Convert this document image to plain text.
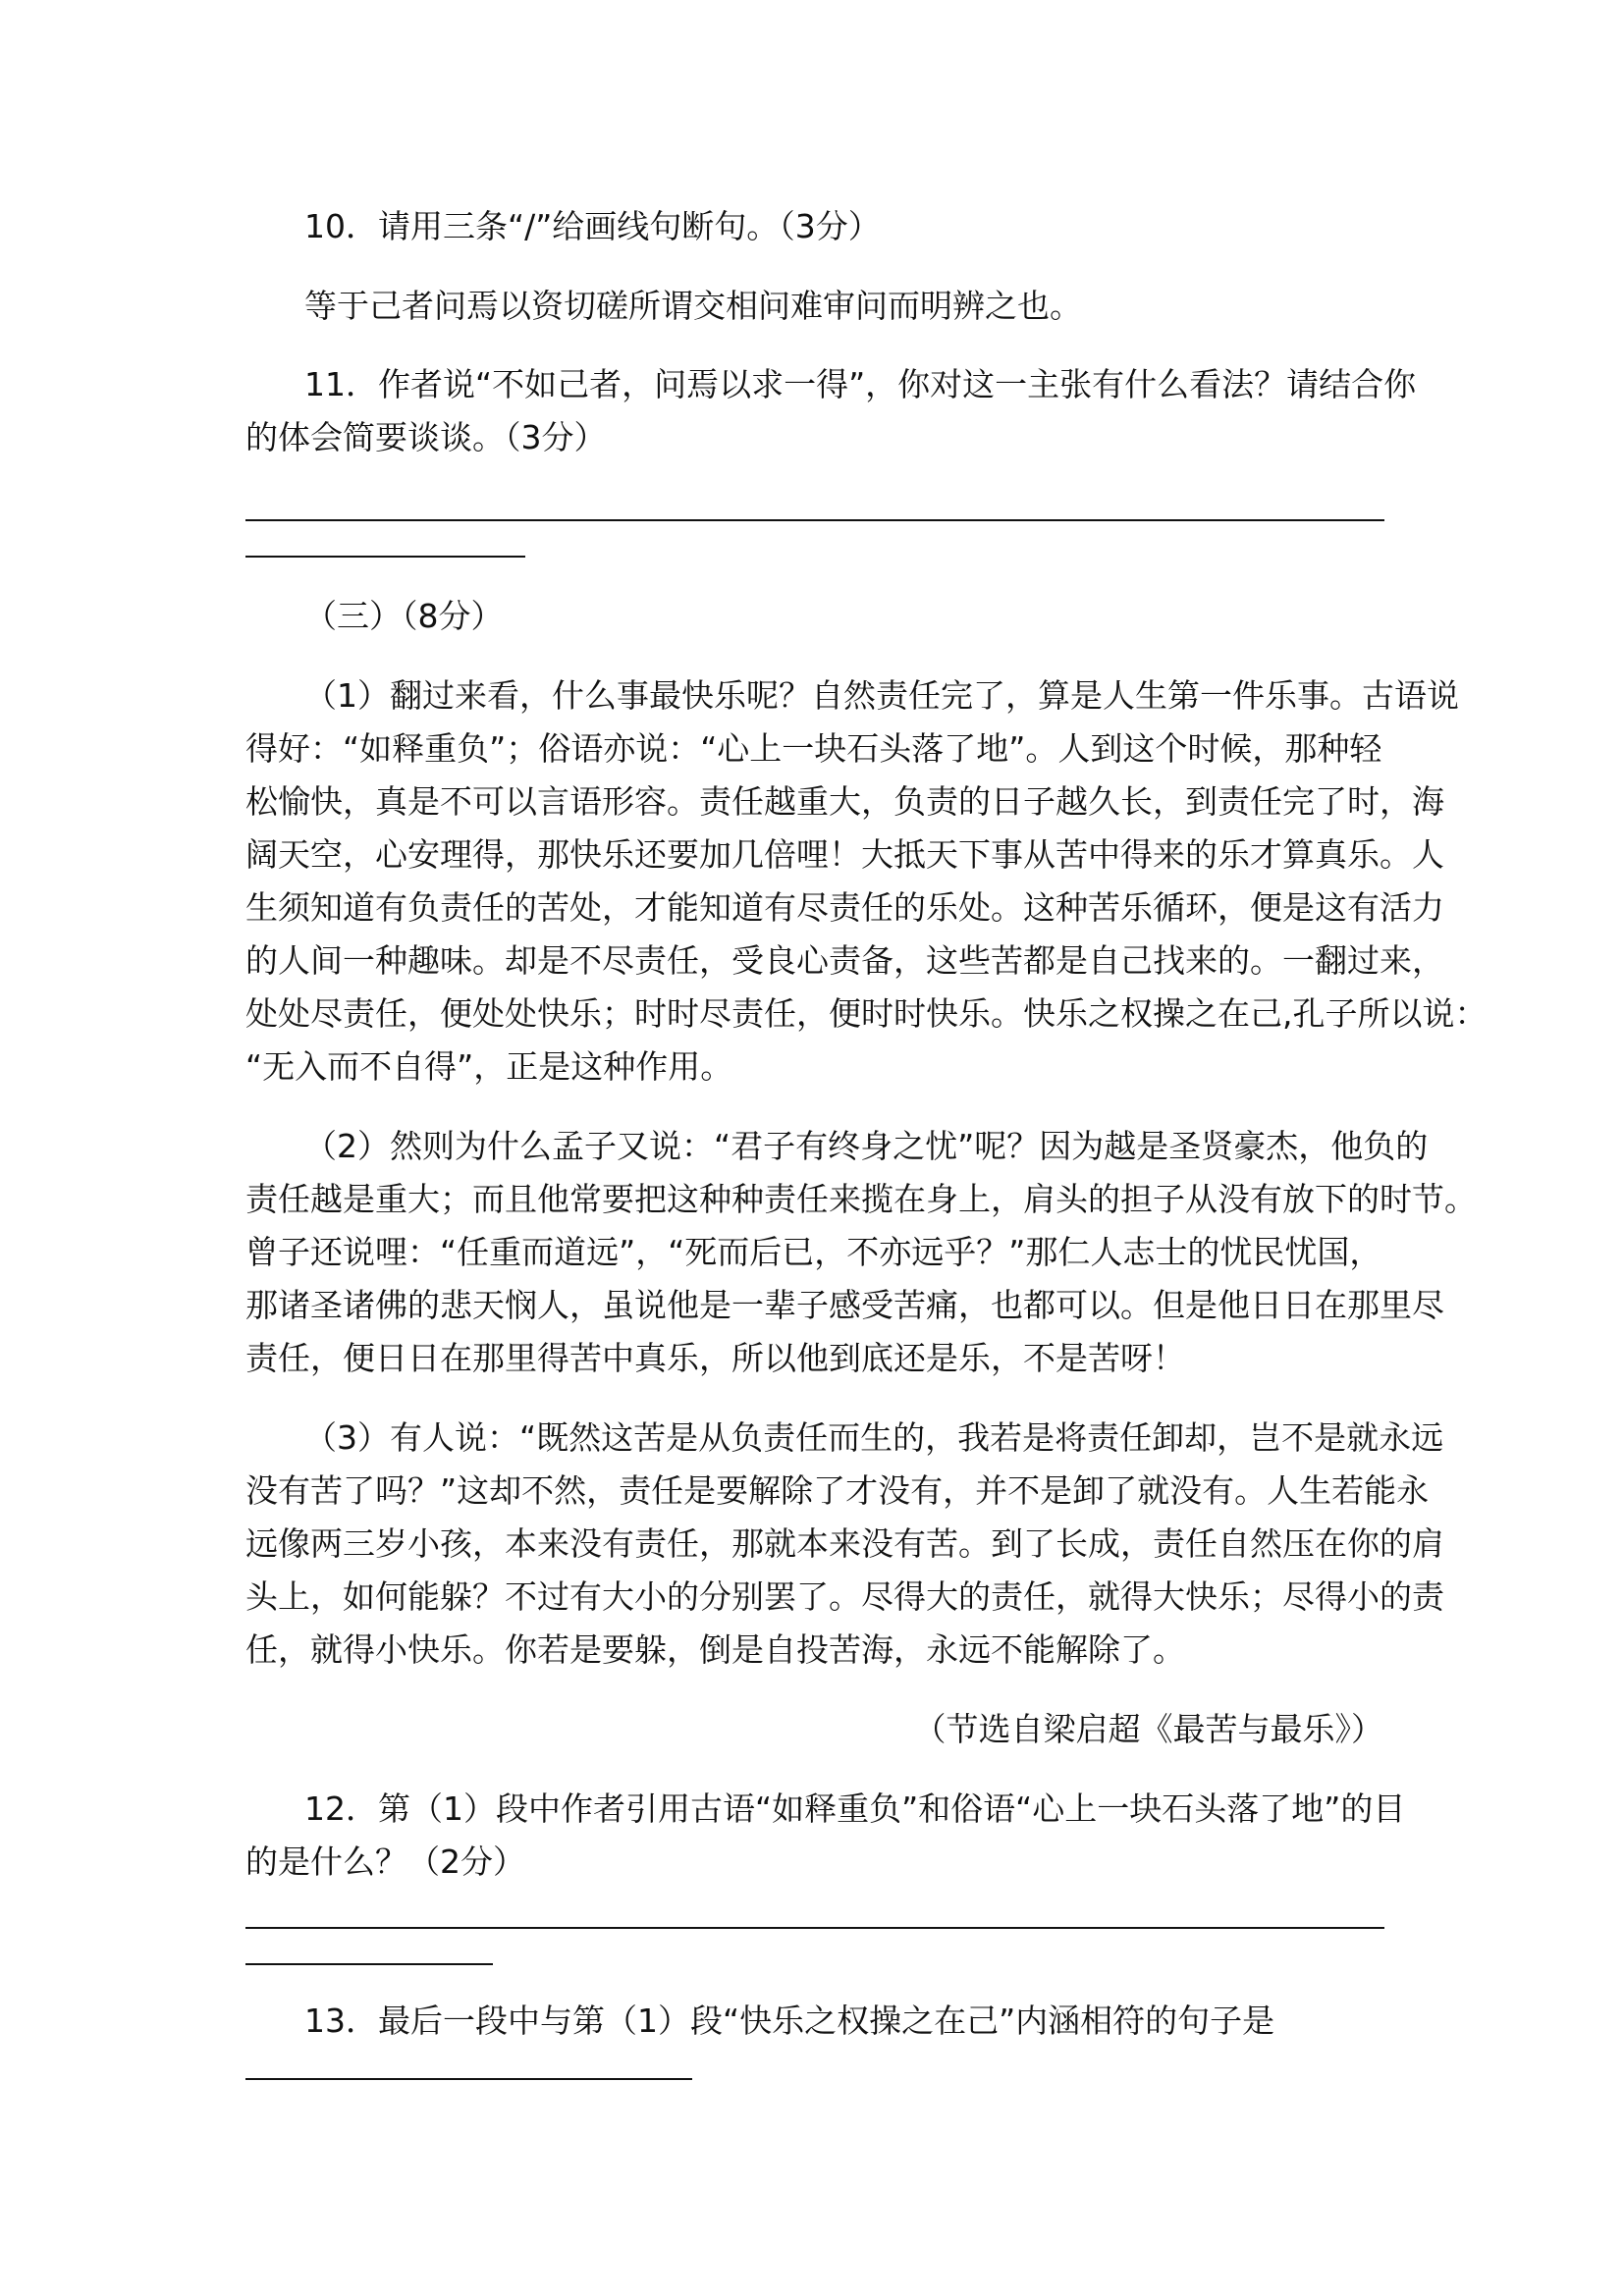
10．请用三条“/”给画线句断句。（3分）
等于己者问焉以资切磋所谓交相问难审问而明辨之也。
11．作者说“不如己者，问焉以求一得”，你对这一主张有什么看法？请结合你
的体会简要谈谈。（3分）
（三）（8分）
（1）翻过来看，什么事最快乐呢？自然责任完了，算是人生第一件乐事。古语说
得好：“如释重负”；俗语亦说：“心上一块石头落了地”。人到这个时候，那种轻
松愉快，真是不可以言语形容。责任越重大，负责的日子越久长，到责任完了时，海
阔天空，心安理得，那快乐还要加几倍哩！大抵天下事从苦中得来的乐才算真乐。人
生须知道有负责任的苦处，才能知道有尽责任的乐处。这种苦乐循环，便是这有活力
的人间一种趣味。却是不尽责任，受良心责备，这些苦都是自己找来的。一翻过来，
处处尽责任，便处处快乐；时时尽责任，便时时快乐。快乐之权操之在己,孔子所以说：
“无入而不自得”，正是这种作用。
（2）然则为什么孟子又说：“君子有终身之忧”呢？因为越是圣贤豪杰，他负的
责任越是重大；而且他常要把这种种责任来揽在身上，肩头的担子从没有放下的时节。
曾子还说哩：“任重而道远”，“死而后已，不亦远乎？”那仁人志士的忧民忧国，
那诸圣诸佛的悲天悯人，虽说他是一辈子感受苦痛，也都可以。但是他日日在那里尽
责任，便日日在那里得苦中真乐，所以他到底还是乐，不是苦呀！
（3）有人说：“既然这苦是从负责任而生的，我若是将责任卸却，岂不是就永远
没有苦了吗？”这却不然，责任是要解除了才没有，并不是卸了就没有。人生若能永
远像两三岁小孩，本来没有责任，那就本来没有苦。到了长成，责任自然压在你的肩
头上，如何能躲？不过有大小的分别罢了。尽得大的责任，就得大快乐；尽得小的责
任，就得小快乐。你若是要躲，倒是自投苦海，永远不能解除了。
（节选自梁启超《最苦与最乐》）
12．第（1）段中作者引用古语“如释重负”和俗语“心上一块石头落了地”的目
的是什么？（2分）
13．最后一段中与第（1）段“快乐之权操之在己”内涵相符的句子是
